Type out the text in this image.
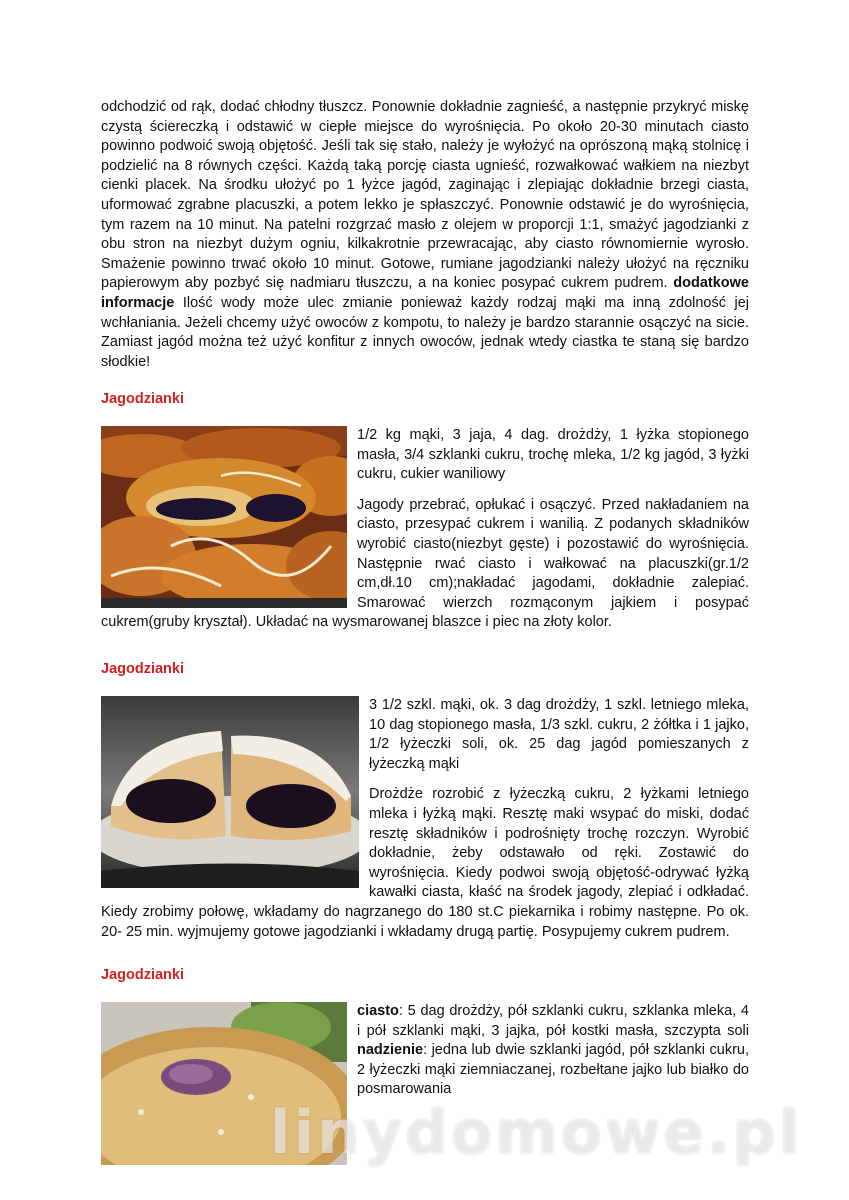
odchodzić od rąk, dodać chłodny tłuszcz. Ponownie dokładnie zagnieść, a następnie przykryć miskę czystą ściereczką i odstawić w ciepłe miejsce do wyrośnięcia. Po około 20-30 minutach ciasto powinno podwoić swoją objętość. Jeśli tak się stało, należy je wyłożyć na oprószoną mąką stolnicę i podzielić na 8 równych części. Każdą taką porcję ciasta ugnieść, rozwałkować wałkiem na niezbyt cienki placek. Na środku ułożyć po 1 łyżce jagód, zaginając i zlepiając dokładnie brzegi ciasta, uformować zgrabne placuszki, a potem lekko je spłaszczyć. Ponownie odstawić je do wyrośnięcia, tym razem na 10 minut. Na patelni rozgrzać masło z olejem w proporcji 1:1, smażyć jagodzianki z obu stron na niezbyt dużym ogniu, kilkakrotnie przewracając, aby ciasto równomiernie wyrosło. Smażenie powinno trwać około 10 minut. Gotowe, rumiane jagodzianki należy ułożyć na ręczniku papierowym aby pozbyć się nadmiaru tłuszczu, a na koniec posypać cukrem pudrem. dodatkowe informacje Ilość wody może ulec zmianie ponieważ każdy rodzaj mąki ma inną zdolność jej wchłaniania. Jeżeli chcemy użyć owoców z kompotu, to należy je bardzo starannie osączyć na sicie. Zamiast jagód można też użyć konfitur z innych owoców, jednak wtedy ciastka te staną się bardzo słodkie!

Jagodzianki

1/2 kg mąki, 3 jaja, 4 dag. drożdży, 1 łyżka stopionego masła, 3/4 szklanki cukru, trochę mleka, 1/2 kg jagód, 3 łyżki cukru, cukier waniliowy

Jagody przebrać, opłukać i osączyć. Przed nakładaniem na ciasto, przesypać cukrem i wanilią. Z podanych składników wyrobić ciasto(niezbyt gęste) i pozostawić do wyrośnięcia. Następnie rwać ciasto i wałkować na placuszki(gr.1/2 cm,dł.10 cm);nakładać jagodami, dokładnie zalepiać. Smarować wierzch rozmąconym jajkiem i posypać cukrem(gruby kryształ). Układać na wysmarowanej blaszce i piec na złoty kolor.

Jagodzianki

3 1/2 szkl. mąki, ok. 3 dag drożdży, 1 szkl. letniego mleka, 10 dag stopionego masła, 1/3 szkl. cukru, 2 żółtka i 1 jajko, 1/2 łyżeczki soli, ok. 25 dag jagód pomieszanych z łyżeczką mąki

Drożdże rozrobić z łyżeczką cukru, 2 łyżkami letniego mleka i łyżką mąki. Resztę maki wsypać do miski, dodać resztę składników i podrośnięty trochę rozczyn. Wyrobić dokładnie, żeby odstawało od ręki. Zostawić do wyrośnięcia. Kiedy podwoi swoją objętość-odrywać łyżką kawałki ciasta, kłaść na środek jagody, zlepiać i odkładać. Kiedy zrobimy połowę, wkładamy do nagrzanego do 180 st.C piekarnika i robimy następne. Po ok. 20- 25 min. wyjmujemy gotowe jagodzianki i wkładamy drugą partię. Posypujemy cukrem pudrem.

Jagodzianki

ciasto: 5 dag drożdży, pół szklanki cukru, szklanka mleka, 4 i pół szklanki mąki, 3 jajka, pół kostki masła, szczypta soli nadzienie: jedna lub dwie szklanki jagód, pół szklanki cukru, 2 łyżeczki mąki ziemniaczanej, rozbełtane jajko lub białko do posmarowania

linydomowe.pl
